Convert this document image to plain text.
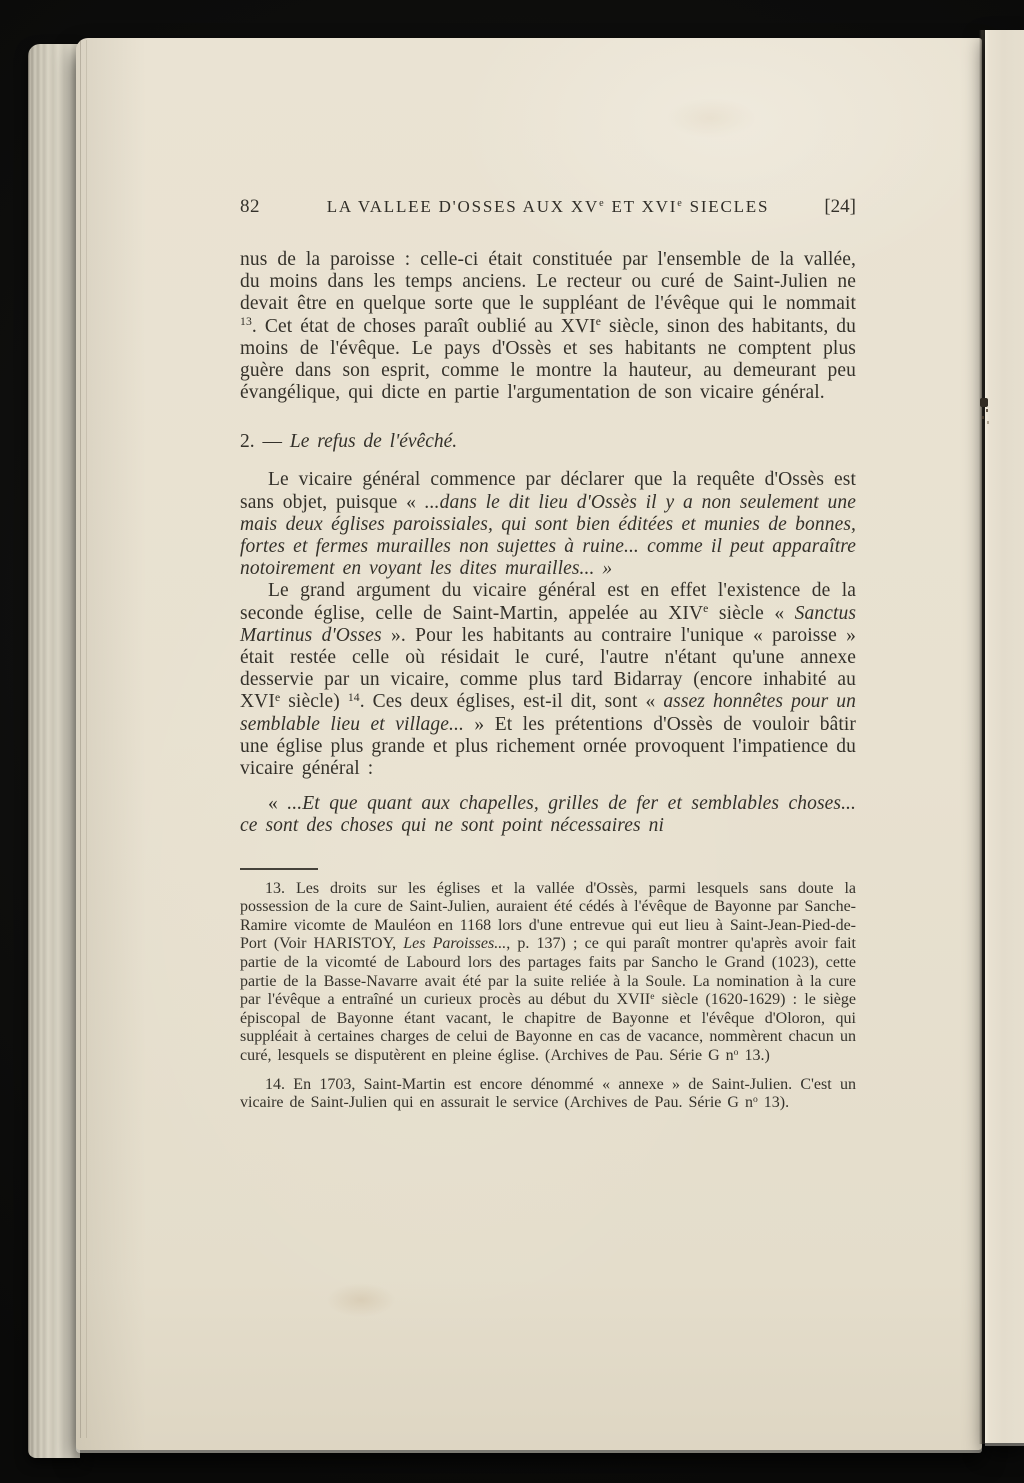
82	LA VALLEE D'OSSES AUX XVe ET XVIe SIECLES	[24]

nus de la paroisse : celle-ci était constituée par l'ensemble de la vallée, du moins dans les temps anciens. Le recteur ou curé de Saint-Julien ne devait être en quelque sorte que le suppléant de l'évêque qui le nommait $^{13}$. Cet état de choses paraît oublié au XVIe siècle, sinon des habitants, du moins de l'évêque. Le pays d'Ossès et ses habitants ne comptent plus guère dans son esprit, comme le montre la hauteur, au demeurant peu évangélique, qui dicte en partie l'argumentation de son vicaire général.

2. — Le refus de l'évêché.

Le vicaire général commence par déclarer que la requête d'Ossès est sans objet, puisque « ...dans le dit lieu d'Ossès il y a non seulement une mais deux églises paroissiales, qui sont bien éditées et munies de bonnes, fortes et fermes murailles non sujettes à ruine... comme il peut apparaître notoirement en voyant les dites murailles... »

Le grand argument du vicaire général est en effet l'existence de la seconde église, celle de Saint-Martin, appelée au XIVe siècle « Sanctus Martinus d'Osses ». Pour les habitants au contraire l'unique « paroisse » était restée celle où résidait le curé, l'autre n'étant qu'une annexe desservie par un vicaire, comme plus tard Bidarray (encore inhabité au XVIe siècle) $^{14}$. Ces deux églises, est-il dit, sont « assez honnêtes pour un semblable lieu et village... » Et les prétentions d'Ossès de vouloir bâtir une église plus grande et plus richement ornée provoquent l'impatience du vicaire général :

« ...Et que quant aux chapelles, grilles de fer et semblables choses... ce sont des choses qui ne sont point nécessaires ni

13. Les droits sur les églises et la vallée d'Ossès, parmi lesquels sans doute la possession de la cure de Saint-Julien, auraient été cédés à l'évêque de Bayonne par Sanche-Ramire vicomte de Mauléon en 1168 lors d'une entrevue qui eut lieu à Saint-Jean-Pied-de-Port (Voir HARISTOY, Les Paroisses..., p. 137) ; ce qui paraît montrer qu'après avoir fait partie de la vicomté de Labourd lors des partages faits par Sancho le Grand (1023), cette partie de la Basse-Navarre avait été par la suite reliée à la Soule. La nomination à la cure par l'évêque a entraîné un curieux procès au début du XVIIe siècle (1620-1629) : le siège épiscopal de Bayonne étant vacant, le chapitre de Bayonne et l'évêque d'Oloron, qui suppléait à certaines charges de celui de Bayonne en cas de vacance, nommèrent chacun un curé, lesquels se disputèrent en pleine église. (Archives de Pau. Série G $n^o$ 13.)

14. En 1703, Saint-Martin est encore dénommé « annexe » de Saint-Julien. C'est un vicaire de Saint-Julien qui en assurait le service (Archives de Pau. Série G $n^o$ 13).
